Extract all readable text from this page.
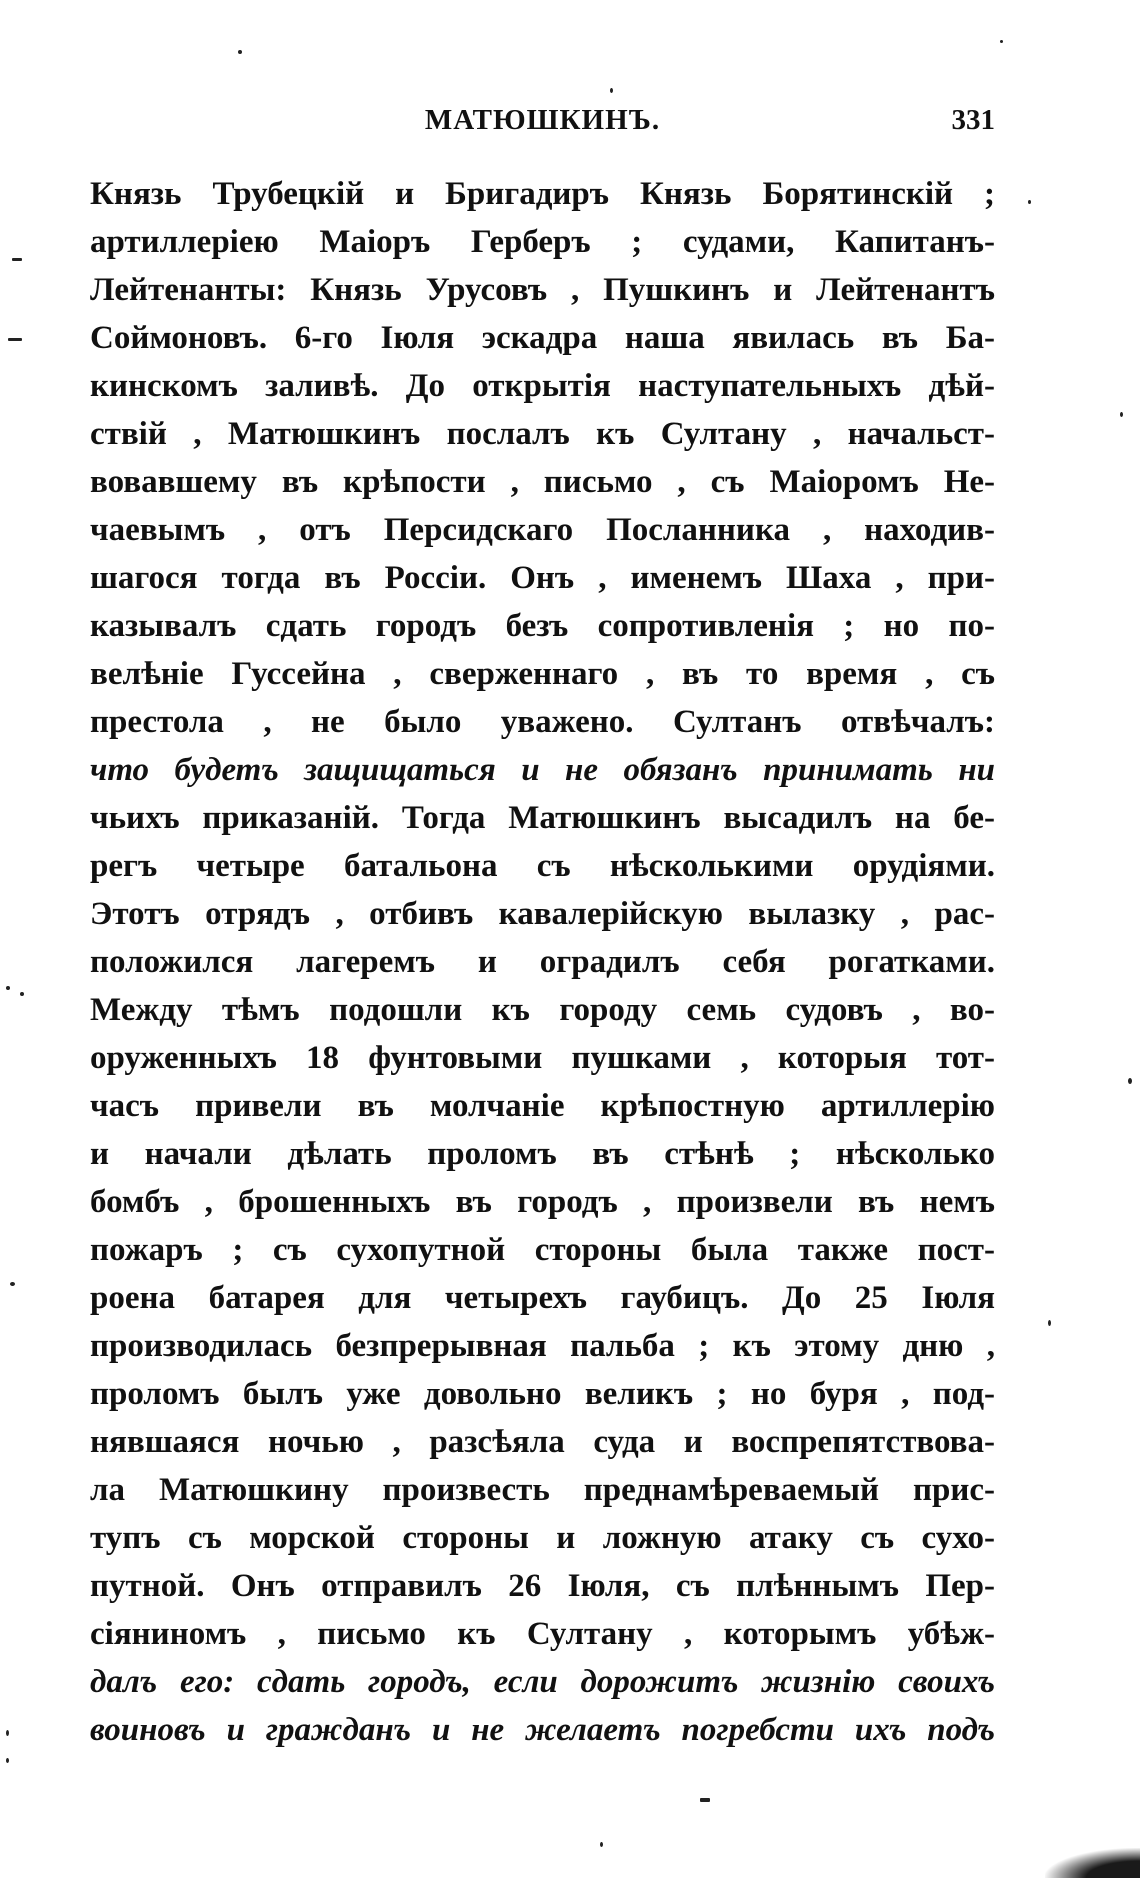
МАТЮШКИНЪ.	331
Князь Трубецкій и Бригадиръ Князь Борятинскій ;
артиллеріею Маіоръ Герберъ ; судами, Капитанъ-
Лейтенанты: Князь Урусовъ , Пушкинъ и Лейтенантъ
Соймоновъ. 6-го Іюля эскадра наша явилась въ Ба-
кинскомъ заливѣ. До открытія наступательныхъ дѣй-
ствій , Матюшкинъ послалъ къ Султану , начальст-
вовавшему въ крѣпости , письмо , съ Маіоромъ Не-
чаевымъ , отъ Персидскаго Посланника , находив-
шагося тогда въ Россіи. Онъ , именемъ Шаха , при-
казывалъ сдать городъ безъ сопротивленія ; но по-
велѣніе Гуссейна , сверженнаго , въ то время , съ
престола , не было уважено. Султанъ отвѣчалъ:
что будетъ защищаться и не обязанъ принимать ни
чьихъ приказаній. Тогда Матюшкинъ высадилъ на бе-
регъ четыре батальона съ нѣсколькими орудіями.
Этотъ отрядъ , отбивъ кавалерійскую вылазку , рас-
положился лагеремъ и оградилъ себя рогатками.
Между тѣмъ подошли къ городу семь судовъ , во-
оруженныхъ 18 фунтовыми пушками , которыя тот-
часъ привели въ молчаніе крѣпостную артиллерію
и начали дѣлать проломъ въ стѣнѣ ; нѣсколько
бомбъ , брошенныхъ въ городъ , произвели въ немъ
пожаръ ; съ сухопутной стороны была также пост-
роена батарея для четырехъ гаубицъ. До 25 Іюля
производилась безпрерывная пальба ; къ этому дню ,
проломъ былъ уже довольно великъ ; но буря , под-
нявшаяся ночью , разсѣяла суда и воспрепятствова-
ла Матюшкину произвесть преднамѣреваемый прис-
тупъ съ морской стороны и ложную атаку съ сухо-
путной. Онъ отправилъ 26 Іюля, съ плѣннымъ Пер-
сіяниномъ , письмо къ Султану , которымъ убѣж-
далъ его: сдать городъ, если дорожитъ жизнію своихъ
воиновъ и гражданъ и не желаетъ погребсти ихъ подъ
